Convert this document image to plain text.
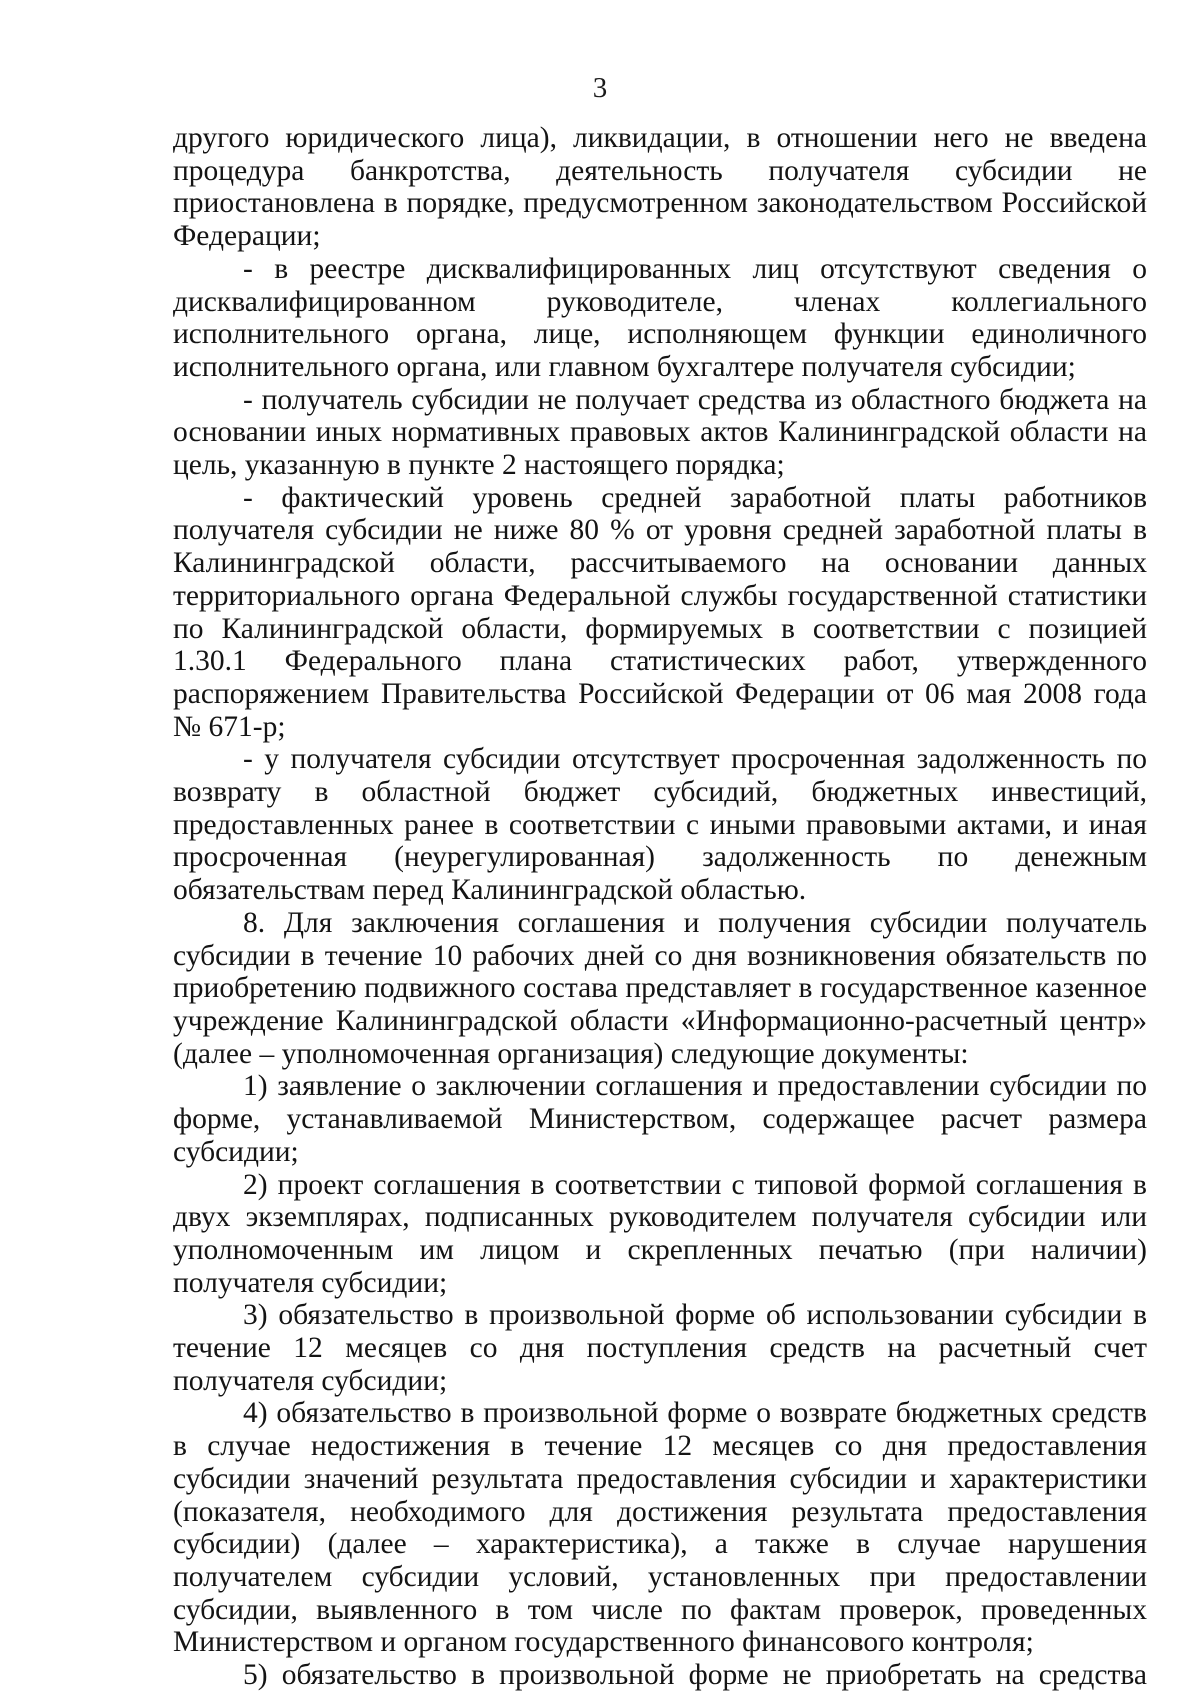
3

другого юридического лица), ликвидации, в отношении него не введена процедура банкротства, деятельность получателя субсидии не приостановлена в порядке, предусмотренном законодательством Российской Федерации;

- в реестре дисквалифицированных лиц отсутствуют сведения о дисквалифицированном руководителе, членах коллегиального исполнительного органа, лице, исполняющем функции единоличного исполнительного органа, или главном бухгалтере получателя субсидии;

- получатель субсидии не получает средства из областного бюджета на основании иных нормативных правовых актов Калининградской области на цель, указанную в пункте 2 настоящего порядка;

- фактический уровень средней заработной платы работников получателя субсидии не ниже 80 % от уровня средней заработной платы в Калининградской области, рассчитываемого на основании данных территориального органа Федеральной службы государственной статистики по Калининградской области, формируемых в соответствии с позицией 1.30.1 Федерального плана статистических работ, утвержденного распоряжением Правительства Российской Федерации от 06 мая 2008 года № 671-р;

- у получателя субсидии отсутствует просроченная задолженность по возврату в областной бюджет субсидий, бюджетных инвестиций, предоставленных ранее в соответствии с иными правовыми актами, и иная просроченная (неурегулированная) задолженность по денежным обязательствам перед Калининградской областью.

8. Для заключения соглашения и получения субсидии получатель субсидии в течение 10 рабочих дней со дня возникновения обязательств по приобретению подвижного состава представляет в государственное казенное учреждение Калининградской области «Информационно-расчетный центр» (далее – уполномоченная организация) следующие документы:

1) заявление о заключении соглашения и предоставлении субсидии по форме, устанавливаемой Министерством, содержащее расчет размера субсидии;

2) проект соглашения в соответствии с типовой формой соглашения в двух экземплярах, подписанных руководителем получателя субсидии или уполномоченным им лицом и скрепленных печатью (при наличии) получателя субсидии;

3) обязательство в произвольной форме об использовании субсидии в течение 12 месяцев со дня поступления средств на расчетный счет получателя субсидии;

4) обязательство в произвольной форме о возврате бюджетных средств в случае недостижения в течение 12 месяцев со дня предоставления субсидии значений результата предоставления субсидии и характеристики (показателя, необходимого для достижения результата предоставления субсидии) (далее – характеристика), а также в случае нарушения получателем субсидии условий, установленных при предоставлении субсидии, выявленного в том числе по фактам проверок, проведенных Министерством и органом государственного финансового контроля;

5) обязательство в произвольной форме не приобретать на средства
